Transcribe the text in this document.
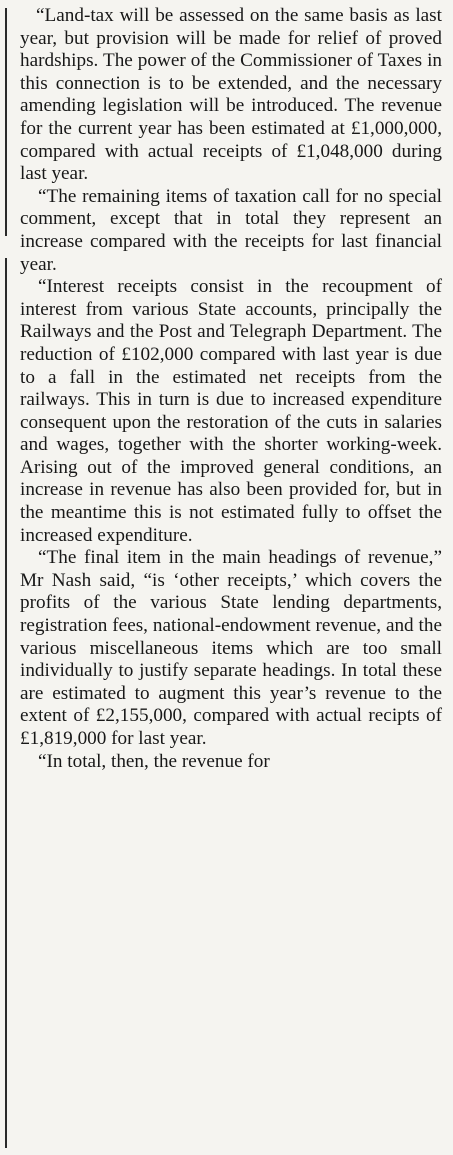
“Land-tax will be assessed on the same basis as last year, but provision will be made for relief of proved hardships. The power of the Commissioner of Taxes in this connection is to be extended, and the necessary amending legislation will be introduced. The revenue for the current year has been estimated at £1,000,000, compared with actual receipts of £1,048,000 during last year.

“The remaining items of taxation call for no special comment, except that in total they represent an increase compared with the receipts for last financial year.

“Interest receipts consist in the recoupment of interest from various State accounts, principally the Railways and the Post and Telegraph Department. The reduction of £102,000 compared with last year is due to a fall in the estimated net receipts from the railways. This in turn is due to increased expenditure consequent upon the restoration of the cuts in salaries and wages, together with the shorter working-week. Arising out of the improved general conditions, an increase in revenue has also been provided for, but in the meantime this is not estimated fully to offset the increased expenditure.

“The final item in the main headings of revenue,” Mr Nash said, “is ‘other receipts,’ which covers the profits of the various State lending departments, registration fees, national-endowment revenue, and the various miscellaneous items which are too small individually to justify separate headings. In total these are estimated to augment this year’s revenue to the extent of £2,155,000, compared with actual recipts of £1,819,000 for last year.

“In total, then, the revenue for
